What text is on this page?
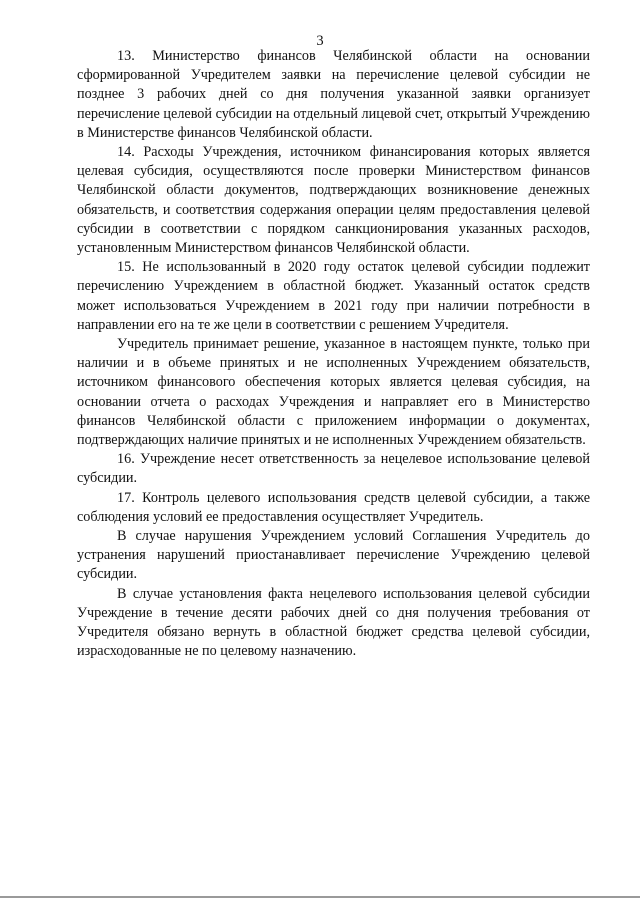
3

13. Министерство финансов Челябинской области на основании сформированной Учредителем заявки на перечисление целевой субсидии не позднее 3 рабочих дней со дня получения указанной заявки организует перечисление целевой субсидии на отдельный лицевой счет, открытый Учреждению в Министерстве финансов Челябинской области.

14. Расходы Учреждения, источником финансирования которых является целевая субсидия, осуществляются после проверки Министерством финансов Челябинской области документов, подтверждающих возникновение денежных обязательств, и соответствия содержания операции целям предоставления целевой субсидии в соответствии с порядком санкционирования указанных расходов, установленным Министерством финансов Челябинской области.

15. Не использованный в 2020 году остаток целевой субсидии подлежит перечислению Учреждением в областной бюджет. Указанный остаток средств может использоваться Учреждением в 2021 году при наличии потребности в направлении его на те же цели в соответствии с решением Учредителя.

Учредитель принимает решение, указанное в настоящем пункте, только при наличии и в объеме принятых и не исполненных Учреждением обязательств, источником финансового обеспечения которых является целевая субсидия, на основании отчета о расходах Учреждения и направляет его в Министерство финансов Челябинской области с приложением информации о документах, подтверждающих наличие принятых и не исполненных Учреждением обязательств.

16. Учреждение несет ответственность за нецелевое использование целевой субсидии.

17. Контроль целевого использования средств целевой субсидии, а также соблюдения условий ее предоставления осуществляет Учредитель.

В случае нарушения Учреждением условий Соглашения Учредитель до устранения нарушений приостанавливает перечисление Учреждению целевой субсидии.

В случае установления факта нецелевого использования целевой субсидии Учреждение в течение десяти рабочих дней со дня получения требования от Учредителя обязано вернуть в областной бюджет средства целевой субсидии, израсходованные не по целевому назначению.
